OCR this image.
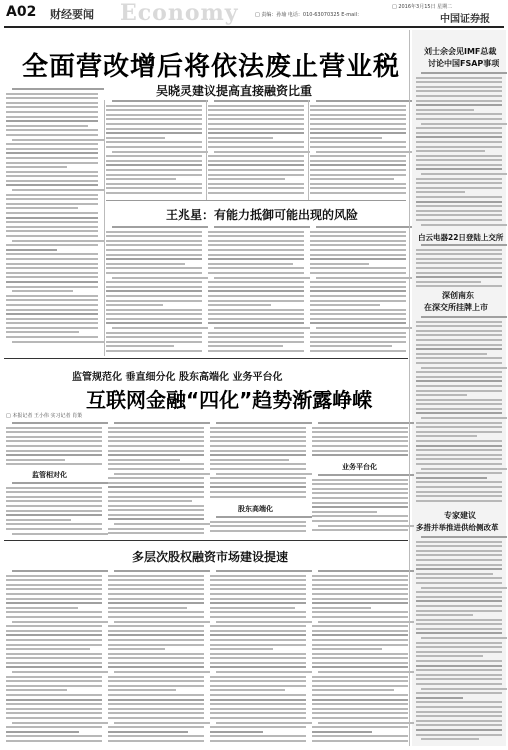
A02 财经要闻 Economy	□ 责编：孙瑜 电话：010-63070325 E-mail：
□ 2016年3月15日 星期二
中国证券报
全面营改增后将依法废止营业税
吴晓灵建议提高直接融资比重
王兆星：有能力抵御可能出现的风险
刘士余会见IMF总裁
讨论中国FSAP事项
白云电器22日登陆上交所
深创南东
在深交所挂牌上市
专家建议
多措并举推进供给侧改革
监管规范化 垂直细分化 股东高端化 业务平台化
互联网金融“四化”趋势渐露峥嵘
□ 本报记者 王小伟 实习记者 肖策
监管相对化
股东高端化
业务平台化
多层次股权融资市场建设提速
